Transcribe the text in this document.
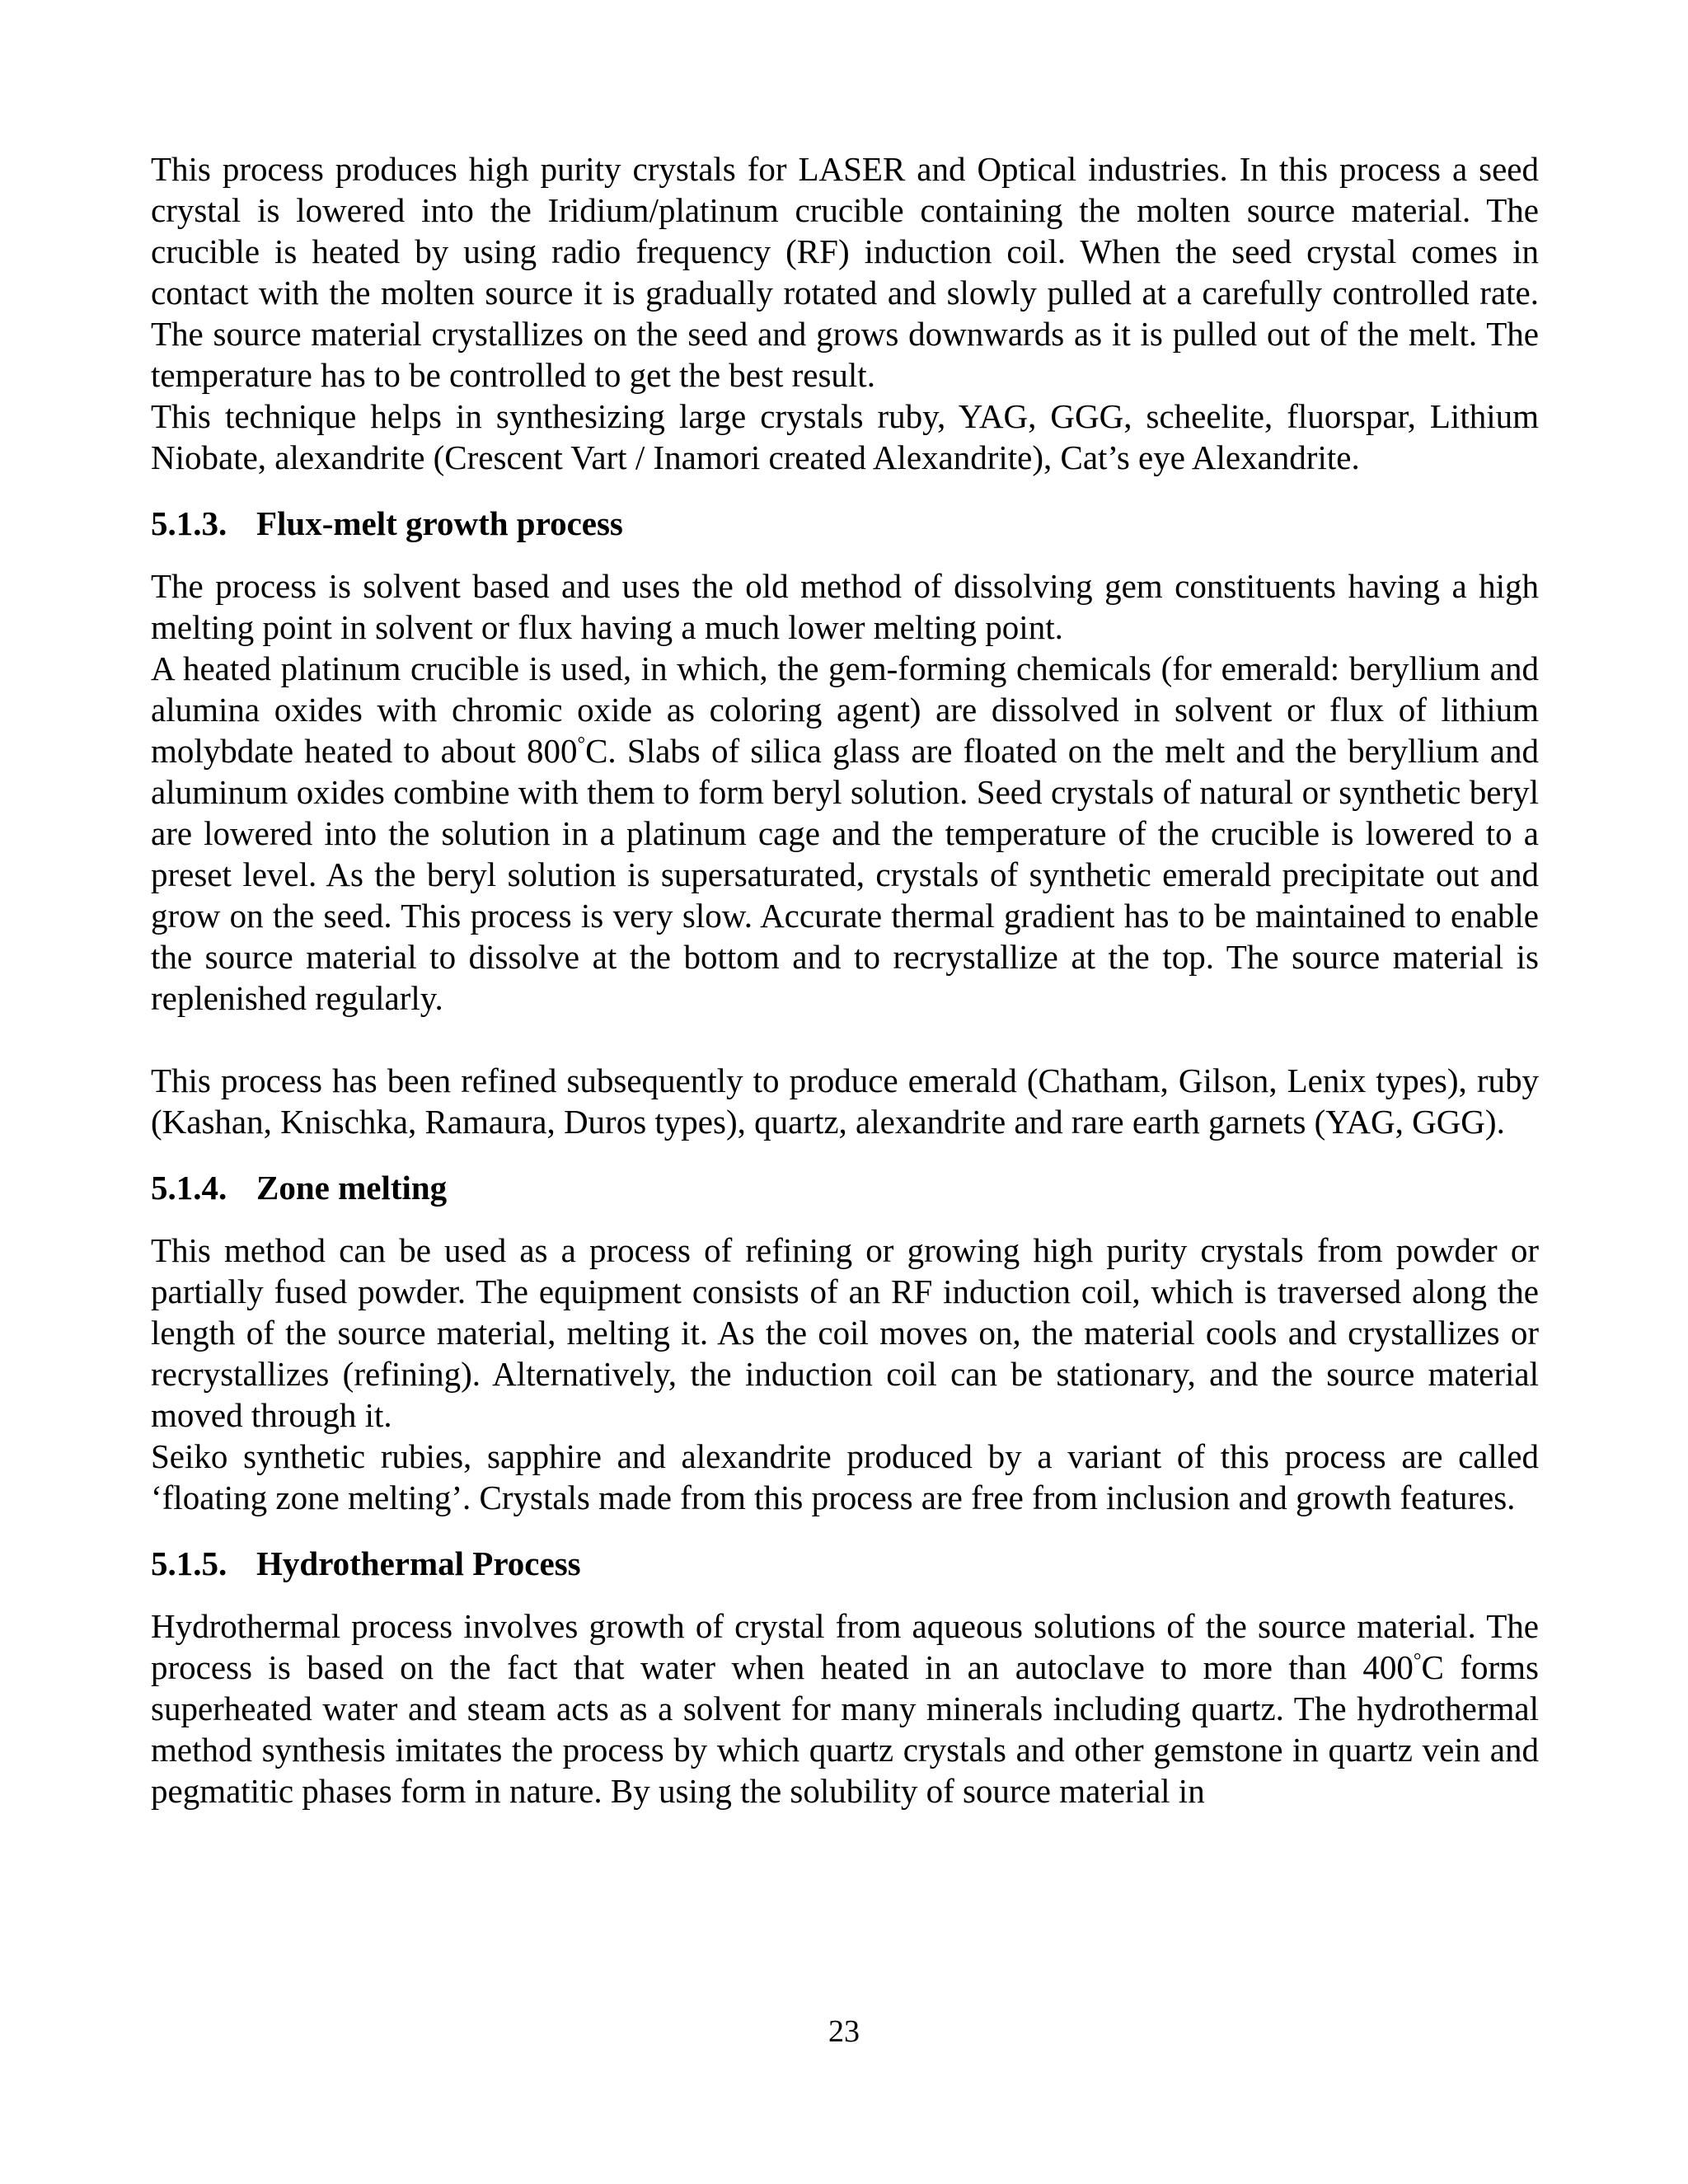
This process produces high purity crystals for LASER and Optical industries. In this process a seed crystal is lowered into the Iridium/platinum crucible containing the molten source material. The crucible is heated by using radio frequency (RF) induction coil. When the seed crystal comes in contact with the molten source it is gradually rotated and slowly pulled at a carefully controlled rate. The source material crystallizes on the seed and grows downwards as it is pulled out of the melt. The temperature has to be controlled to get the best result.

This technique helps in synthesizing large crystals ruby, YAG, GGG, scheelite, fluorspar, Lithium Niobate, alexandrite (Crescent Vart / Inamori created Alexandrite), Cat’s eye Alexandrite.

5.1.3. Flux-melt growth process

The process is solvent based and uses the old method of dissolving gem constituents having a high melting point in solvent or flux having a much lower melting point.

A heated platinum crucible is used, in which, the gem-forming chemicals (for emerald: beryllium and alumina oxides with chromic oxide as coloring agent) are dissolved in solvent or flux of lithium molybdate heated to about 800°C. Slabs of silica glass are floated on the melt and the beryllium and aluminum oxides combine with them to form beryl solution. Seed crystals of natural or synthetic beryl are lowered into the solution in a platinum cage and the temperature of the crucible is lowered to a preset level. As the beryl solution is supersaturated, crystals of synthetic emerald precipitate out and grow on the seed. This process is very slow. Accurate thermal gradient has to be maintained to enable the source material to dissolve at the bottom and to recrystallize at the top. The source material is replenished regularly.

This process has been refined subsequently to produce emerald (Chatham, Gilson, Lenix types), ruby (Kashan, Knischka, Ramaura, Duros types), quartz, alexandrite and rare earth garnets (YAG, GGG).

5.1.4. Zone melting

This method can be used as a process of refining or growing high purity crystals from powder or partially fused powder. The equipment consists of an RF induction coil, which is traversed along the length of the source material, melting it. As the coil moves on, the material cools and crystallizes or recrystallizes (refining). Alternatively, the induction coil can be stationary, and the source material moved through it.

Seiko synthetic rubies, sapphire and alexandrite produced by a variant of this process are called ‘floating zone melting’. Crystals made from this process are free from inclusion and growth features.

5.1.5. Hydrothermal Process

Hydrothermal process involves growth of crystal from aqueous solutions of the source material. The process is based on the fact that water when heated in an autoclave to more than 400°C forms superheated water and steam acts as a solvent for many minerals including quartz. The hydrothermal method synthesis imitates the process by which quartz crystals and other gemstone in quartz vein and pegmatitic phases form in nature. By using the solubility of source material in

23
